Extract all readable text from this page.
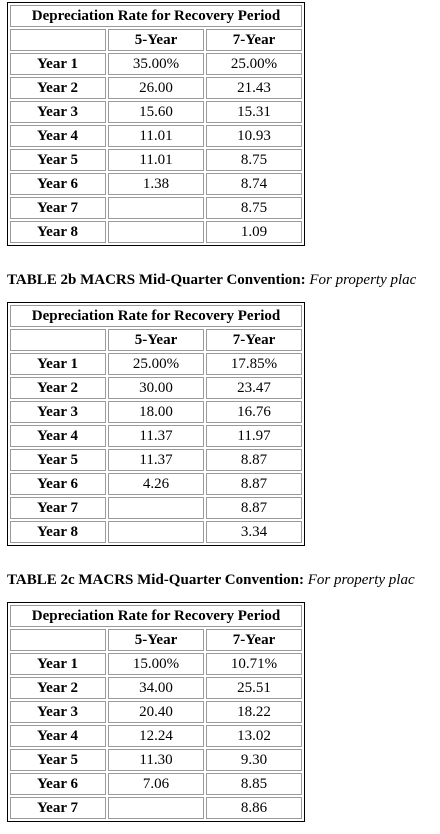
Depreciation Rate for Recovery Period		
	5-Year	7-Year
Year 1	35.00%	25.00%
Year 2	26.00	21.43
Year 3	15.60	15.31
Year 4	11.01	10.93
Year 5	11.01	8.75
Year 6	1.38	8.74
Year 7		8.75
Year 8		1.09
TABLE 2b MACRS Mid-Quarter Convention: For property plac
Depreciation Rate for Recovery Period		
	5-Year	7-Year
Year 1	25.00%	17.85%
Year 2	30.00	23.47
Year 3	18.00	16.76
Year 4	11.37	11.97
Year 5	11.37	8.87
Year 6	4.26	8.87
Year 7		8.87
Year 8		3.34
TABLE 2c MACRS Mid-Quarter Convention: For property plac
Depreciation Rate for Recovery Period		
	5-Year	7-Year
Year 1	15.00%	10.71%
Year 2	34.00	25.51
Year 3	20.40	18.22
Year 4	12.24	13.02
Year 5	11.30	9.30
Year 6	7.06	8.85
Year 7		8.86
